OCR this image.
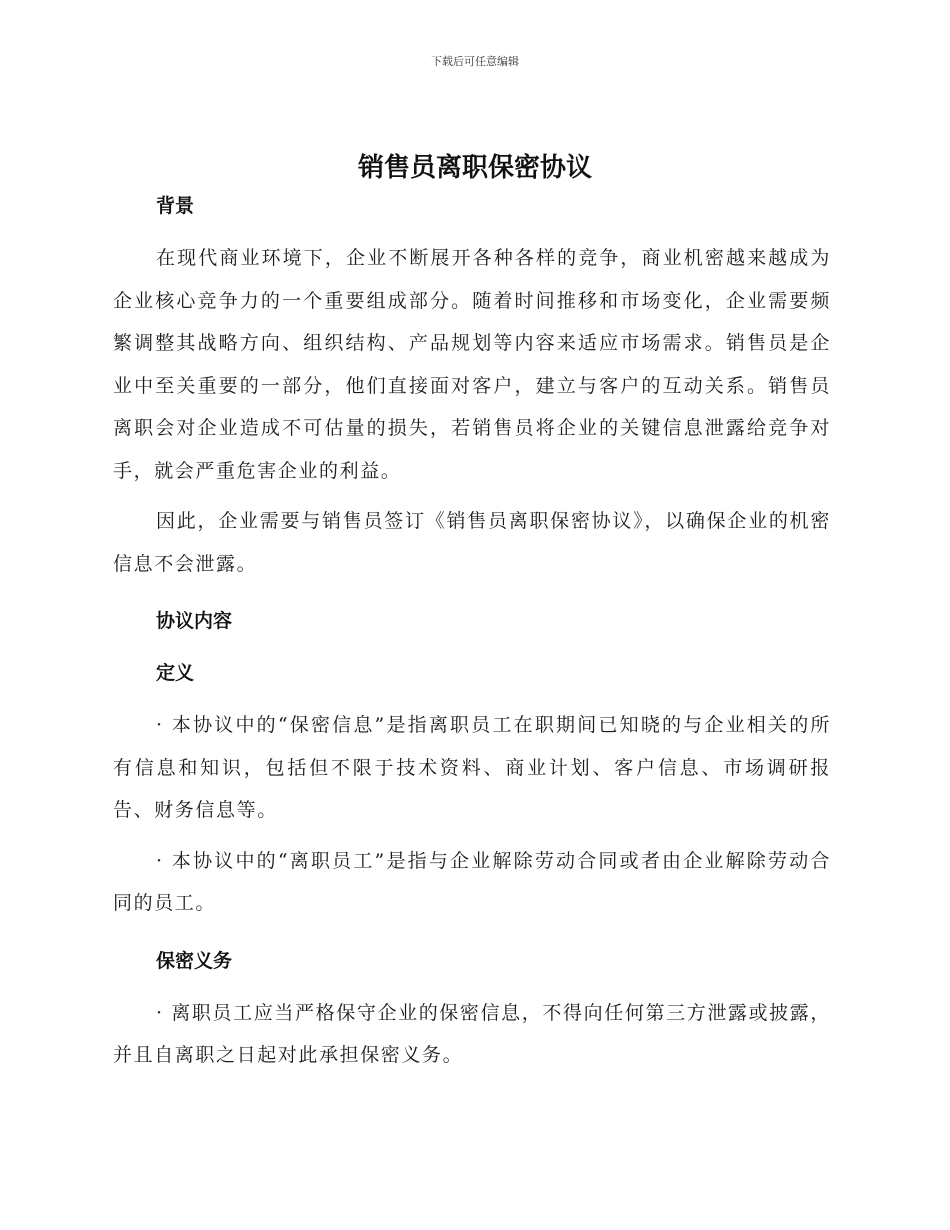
下载后可任意编辑
销售员离职保密协议
背景

在现代商业环境下，企业不断展开各种各样的竞争，商业机密越来越成为企业核心竞争力的一个重要组成部分。随着时间推移和市场变化，企业需要频繁调整其战略方向、组织结构、产品规划等内容来适应市场需求。销售员是企业中至关重要的一部分，他们直接面对客户，建立与客户的互动关系。销售员离职会对企业造成不可估量的损失，若销售员将企业的关键信息泄露给竞争对手，就会严重危害企业的利益。

因此，企业需要与销售员签订《销售员离职保密协议》，以确保企业的机密信息不会泄露。

协议内容
定义

· 本协议中的“保密信息”是指离职员工在职期间已知晓的与企业相关的所有信息和知识，包括但不限于技术资料、商业计划、客户信息、市场调研报告、财务信息等。

· 本协议中的“离职员工”是指与企业解除劳动合同或者由企业解除劳动合同的员工。

保密义务

· 离职员工应当严格保守企业的保密信息，不得向任何第三方泄露或披露，并且自离职之日起对此承担保密义务。
